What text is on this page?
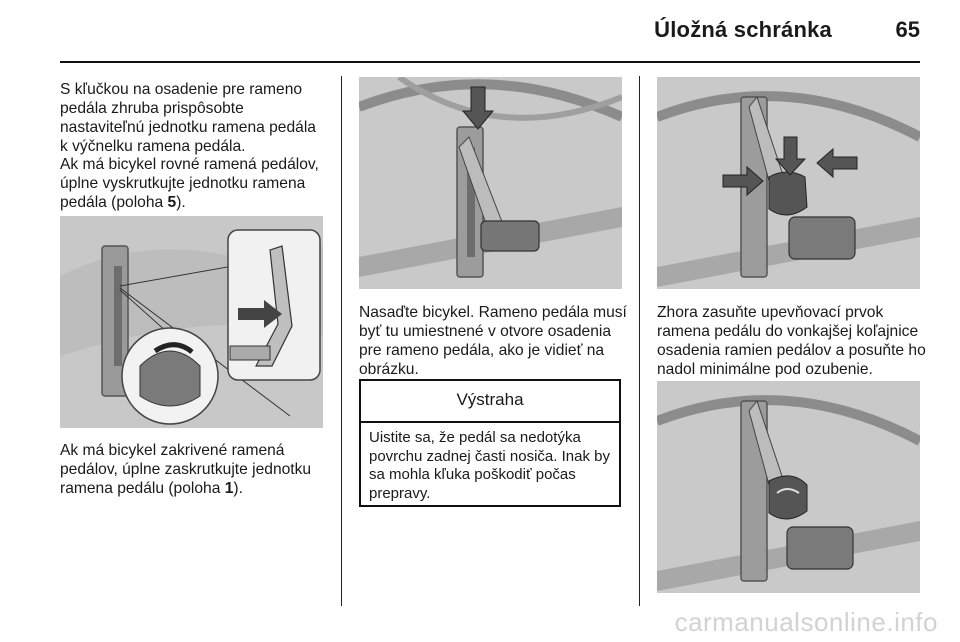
Úložná schránka	65

S kľučkou na osadenie pre rameno pedála zhruba prispôsobte nastaviteľnú jednotku ramena pedála k výčnelku ramena pedála.

Ak má bicykel rovné ramená pedálov, úplne vyskrutkujte jednotku ramena pedála (poloha 5).

Ak má bicykel zakrivené ramená pedálov, úplne zaskrutkujte jednotku ramena pedálu (poloha 1).

Nasaďte bicykel. Rameno pedála musí byť tu umiestnené v otvore osadenia pre rameno pedála, ako je vidieť na obrázku.

Výstraha

Uistite sa, že pedál sa nedotýka povrchu zadnej časti nosiča. Inak by sa mohla kľuka poškodiť počas prepravy.

Zhora zasuňte upevňovací prvok ramena pedálu do vonkajšej koľajnice osadenia ramien pedálov a posuňte ho nadol minimálne pod ozubenie.

carmanualsonline.info
